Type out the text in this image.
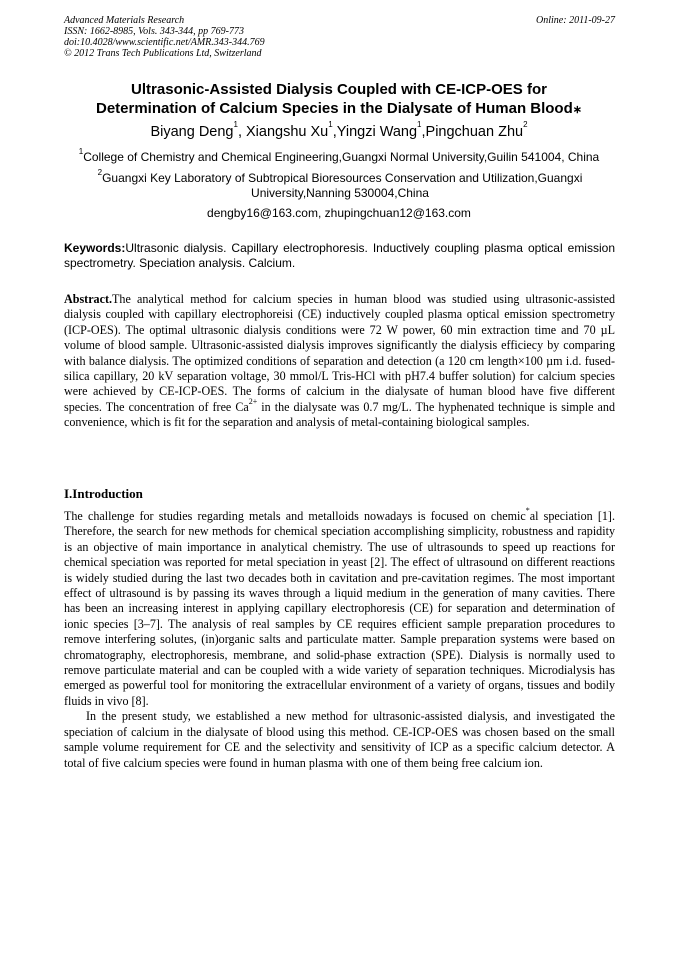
Advanced Materials Research
ISSN: 1662-8985, Vols. 343-344, pp 769-773
doi:10.4028/www.scientific.net/AMR.343-344.769
© 2012 Trans Tech Publications Ltd, Switzerland
Online: 2011-09-27
Ultrasonic-Assisted Dialysis Coupled with CE-ICP-OES for
Determination of Calcium Species in the Dialysate of Human Blood∗
Biyang Deng$^1$, Xiangshu Xu$^1$,Yingzi Wang$^1$,Pingchuan Zhu$^2$
$^1$College of Chemistry and Chemical Engineering,Guangxi Normal University,Guilin 541004, China
$^2$Guangxi Key Laboratory of Subtropical Bioresources Conservation and Utilization,Guangxi University,Nanning 530004,China
dengby16@163.com, zhupingchuan12@163.com
Keywords:Ultrasonic dialysis. Capillary electrophoresis. Inductively coupling plasma optical emission spectrometry. Speciation analysis. Calcium.
Abstract.The analytical method for calcium species in human blood was studied using ultrasonic-assisted dialysis coupled with capillary electrophoreisi (CE) inductively coupled plasma optical emission spectrometry (ICP-OES). The optimal ultrasonic dialysis conditions were 72 W power, 60 min extraction time and 70 µL volume of blood sample. Ultrasonic-assisted dialysis improves significantly the dialysis efficiecy by comparing with balance dialysis. The optimized conditions of separation and detection (a 120 cm length×100 µm i.d. fused-silica capillary, 20 kV separation voltage, 30 mmol/L Tris-HCl with pH7.4 buffer solution) for calcium species were achieved by CE-ICP-OES. The forms of calcium in the dialysate of human blood have five different species. The concentration of free $Ca^{2+}$ in the dialysate was 0.7 mg/L. The hyphenated technique is simple and convenience, which is fit for the separation and analysis of metal-containing biological samples.
I.Introduction

The challenge for studies regarding metals and metalloids nowadays is focused on chemic*al speciation [1]. Therefore, the search for new methods for chemical speciation accomplishing simplicity, robustness and rapidity is an objective of main importance in analytical chemistry. The use of ultrasounds to speed up reactions for chemical speciation was reported for metal speciation in yeast [2]. The effect of ultrasound on different reactions is widely studied during the last two decades both in cavitation and pre-cavitation regimes. The most important effect of ultrasound is by passing its waves through a liquid medium in the generation of many cavities. There has been an increasing interest in applying capillary electrophoresis (CE) for separation and determination of ionic species [3–7]. The analysis of real samples by CE requires efficient sample preparation procedures to remove interfering solutes, (in)organic salts and particulate matter. Sample preparation systems were based on chromatography, electrophoresis, membrane, and solid-phase extraction (SPE). Dialysis is normally used to remove particulate material and can be coupled with a wide variety of separation techniques. Microdialysis has emerged as powerful tool for monitoring the extracellular environment of a variety of organs, tissues and bodily fluids in vivo [8].

In the present study, we established a new method for ultrasonic-assisted dialysis, and investigated the speciation of calcium in the dialysate of blood using this method. CE-ICP-OES was chosen based on the small sample volume requirement for CE and the selectivity and sensitivity of ICP as a specific calcium detector. A total of five calcium species were found in human plasma with one of them being free calcium ion.
